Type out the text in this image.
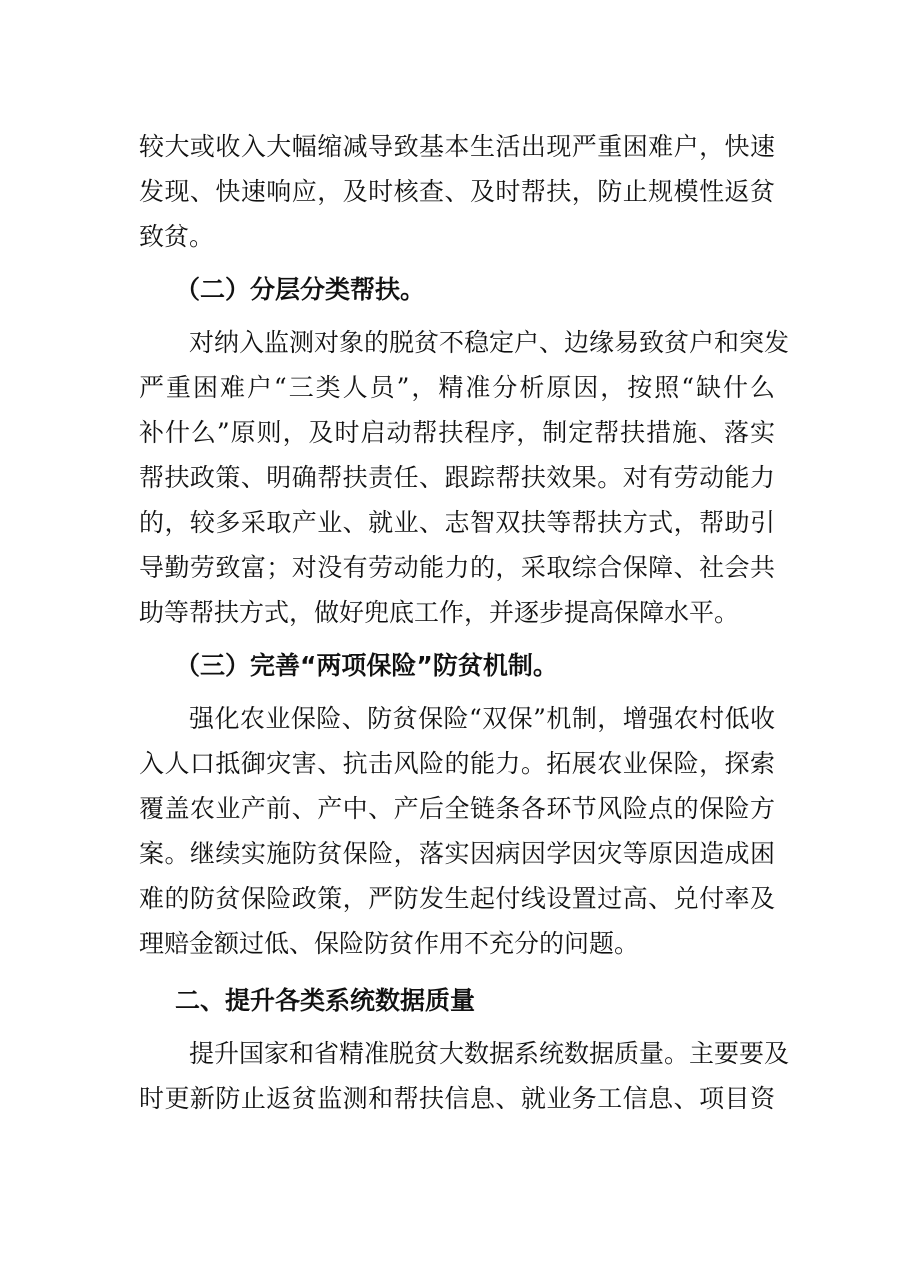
较大或收入大幅缩减导致基本生活出现严重困难户，快速
发现、快速响应，及时核查、及时帮扶，防止规模性返贫
致贫。
（二）分层分类帮扶。
对纳入监测对象的脱贫不稳定户、边缘易致贫户和突发
严重困难户“三类人员”，精准分析原因，按照“缺什么
补什么”原则，及时启动帮扶程序，制定帮扶措施、落实
帮扶政策、明确帮扶责任、跟踪帮扶效果。对有劳动能力
的，较多采取产业、就业、志智双扶等帮扶方式，帮助引
导勤劳致富；对没有劳动能力的，采取综合保障、社会共
助等帮扶方式，做好兜底工作，并逐步提高保障水平。
（三）完善“两项保险”防贫机制。
强化农业保险、防贫保险“双保”机制，增强农村低收
入人口抵御灾害、抗击风险的能力。拓展农业保险，探索
覆盖农业产前、产中、产后全链条各环节风险点的保险方
案。继续实施防贫保险，落实因病因学因灾等原因造成困
难的防贫保险政策，严防发生起付线设置过高、兑付率及
理赔金额过低、保险防贫作用不充分的问题。
二、提升各类系统数据质量
提升国家和省精准脱贫大数据系统数据质量。主要要及
时更新防止返贫监测和帮扶信息、就业务工信息、项目资
